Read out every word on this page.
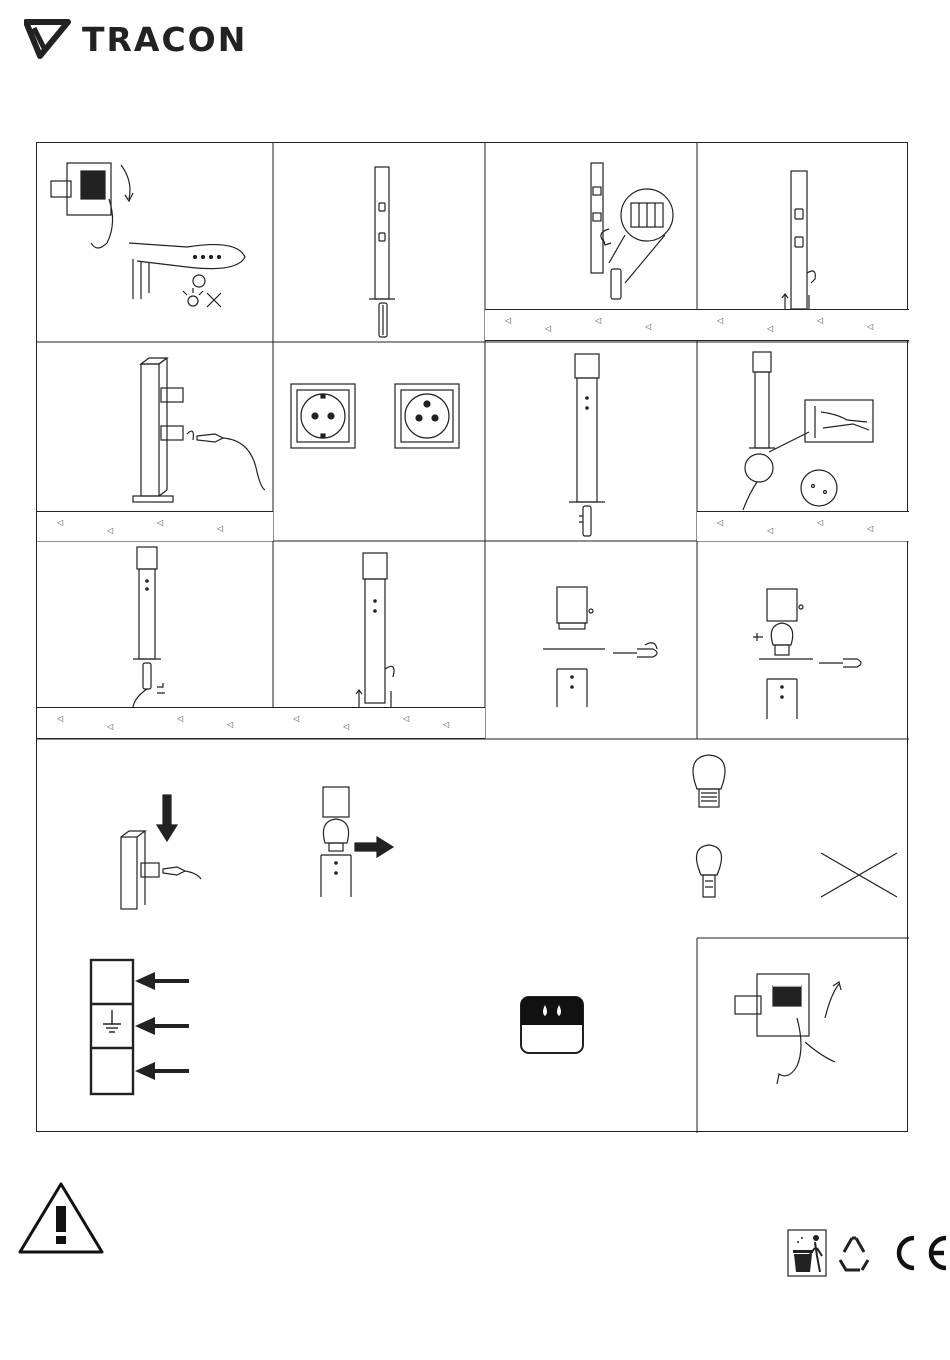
TRACON
◁
◁
◁
◁
◁
◁
◁
◁
◁
◁
◁
◁
◁
◁
◁
◁
◁
◁
◁
◁
◁
◁
◁
◁
